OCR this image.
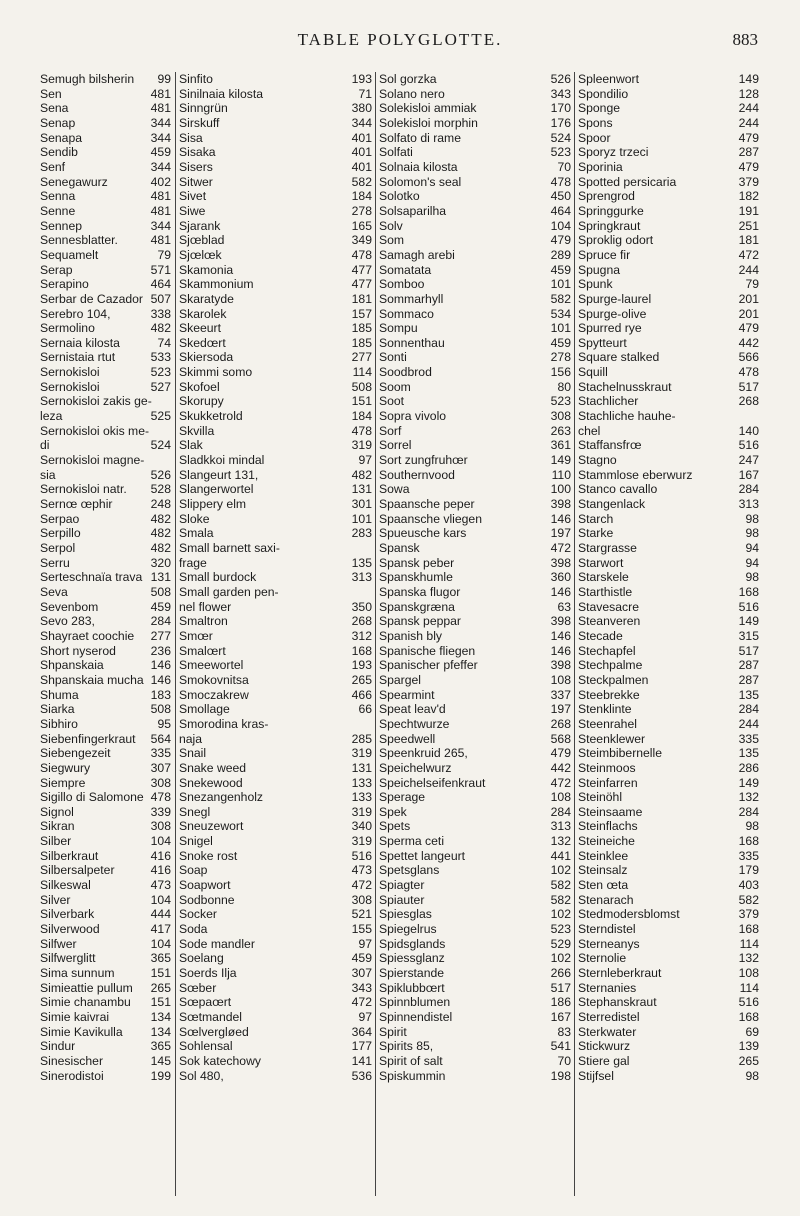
TABLE POLYGLOTTE.	883
Semugh bilsherin 99
Sen	481
Sena	481
Senap	344
Senapa	344
Sendib	459
Senf	344
Senegawurz	402
Senna	481
Senne	481
Sennep	344
Sennesblatter.	481
Sequamelt	79
Serap	571
Serapino	464
Serbar de Cazador 507
Serebro 104,	338
Sermolino	482
Sernaia kilosta	74
Sernistaia rtut	533
Sernokisloi	523
Sernokisloi	527
Sernokisloi zakis ge-
leza	525
Sernokisloi okis me-
di	524
Sernokisloi magne-
sia	526
Sernokisloi natr. 528
Sernœ œphir	248
Serpao	482
Serpillo	482
Serpol	482
Serru	320
Serteschnaïa trava 131
Seva	508
Sevenbom	459
Sevo 283,	284
Shayraet coochie 277
Short nyserod	236
Shpanskaia	146
Shpanskaia mucha 146
Shuma	183
Siarka	508
Sibhiro	95
Siebenfingerkraut 564
Siebengezeit	335
Siegwury	307
Siempre	308
Sigillo di Salomone 478
Signol	339
Sikran	308
Silber	104
Silberkraut	416
Silbersalpeter	416
Silkeswal	473
Silver	104
Silverbark	444
Silverwood	417
Silfwer	104
Silfwerglitt	365
Sima sunnum	151
Simieattie pullum 265
Simie chanambu 151
Simie kaivrai	134
Simie Kavikulla 134
Sindur	365
Sinesischer	145
Sinerodistoi	199
Sinfito	193
Sinilnaia kilosta	71
Sinngrün	380
Sirskuff	344
Sisa	401
Sisaka	401
Sisers	401
Sitwer	582
Sivet	184
Siwe	278
Sjarank	165
Sjœblad	349
Sjœlœk	478
Skamonia	477
Skammonium	477
Skaratyde	181
Skarolek	157
Skeeurt	185
Skedœrt	185
Skiersoda	277
Skimmi somo	114
Skofoel	508
Skorupy	151
Skukketrold	184
Skvilla	478
Slak	319
Sladkkoi mindal	97
Slangeurt 131,	482
Slangerwortel	131
Slippery elm	301
Sloke	101
Smala	283
Small barnett saxi-
frage	135
Small burdock	313
Small garden pen-
nel flower	350
Smaltron	268
Smœr	312
Smalœrt	168
Smeewortel	193
Smokovnitsa	265
Smoczakrew	466
Smollage	66
Smorodina kras-
naja	285
Snail	319
Snake weed	131
Snekewood	133
Snezangenholz	133
Snegl	319
Sneuzewort	340
Snigel	319
Snoke rost	516
Soap	473
Soapwort	472
Sodbonne	308
Socker	521
Soda	155
Sode mandler	97
Soelang	459
Soerds Ilja	307
Sœber	343
Sœpaœrt	472
Sœtmandel	97
Sœlvergløed	364
Sohlensal	177
Sok katechowy	141
Sol 480,	536
Sol gorzka	526
Solano nero	343
Solekisloi ammiak	170
Solekisloi morphin	176
Solfato di rame	524
Solfati	523
Solnaia kilosta	70
Solomon's seal	478
Solotko	450
Solsaparilha	464
Solv	104
Som	479
Samagh arebi	289
Somatata	459
Somboo	101
Sommarhyll	582
Sommaco	534
Sompu	101
Sonnenthau	459
Sonti	278
Soodbrod	156
Soom	80
Soot	523
Sopra vivolo	308
Sorf	263
Sorrel	361
Sort zungfruhœr	149
Southernvood	110
Sowa	100
Spaansche peper	398
Spaansche vliegen	146
Spueusche kars	197
Spansk	472
Spansk peber	398
Spanskhumle	360
Spanska flugor	146
Spanskgræna	63
Spansk peppar	398
Spanish bly	146
Spanische fliegen	146
Spanischer pfeffer	398
Spargel	108
Spearmint	337
Speat leav'd	197
Spechtwurze	268
Speedwell	568
Speenkruid 265,	479
Speichelwurz	442
Speichelseifenkraut	472
Sperage	108
Spek	284
Spets	313
Sperma ceti	132
Spettet langeurt	441
Spetsglans	102
Spiagter	582
Spiauter	582
Spiesglas	102
Spiegelrus	523
Spidsglands	529
Spiessglanz	102
Spierstande	266
Spiklubbœrt	517
Spinnblumen	186
Spinnendistel	167
Spirit	83
Spirits 85,	541
Spirit of salt	70
Spiskummin	198
Spleenwort	149
Spondilio	128
Sponge	244
Spons	244
Spoor	479
Sporyz trzeci	287
Sporinia	479
Spotted persicaria	379
Sprengrod	182
Springgurke	191
Springkraut	251
Sproklig odort	181
Spruce fir	472
Spugna	244
Spunk	79
Spurge-laurel	201
Spurge-olive	201
Spurred rye	479
Spytteurt	442
Square stalked	566
Squill	478
Stachelnusskraut	517
Stachlicher	268
Stachliche hauhe-
chel	140
Staffansfrœ	516
Stagno	247
Stammlose eberwurz	167
Stanco cavallo	284
Stangenlack	313
Starch	98
Starke	98
Stargrasse	94
Starwort	94
Starskele	98
Starthistle	168
Stavesacre	516
Steanveren	149
Stecade	315
Stechapfel	517
Stechpalme	287
Steckpalmen	287
Steebrekke	135
Stenklinte	284
Steenrahel	244
Steenklewer	335
Steimbibernelle	135
Steinmoos	286
Steinfarren	149
Steinöhl	132
Steinsaame	284
Steinflachs	98
Steineiche	168
Steinklee	335
Steinsalz	179
Sten œta	403
Stenarach	582
Stedmodersblomst	379
Sterndistel	168
Sterneanys	114
Sternolie	132
Sternleberkraut	108
Sternanies	114
Stephanskraut	516
Sterredistel	168
Sterkwater	69
Stickwurz	139
Stiere gal	265
Stijfsel	98
